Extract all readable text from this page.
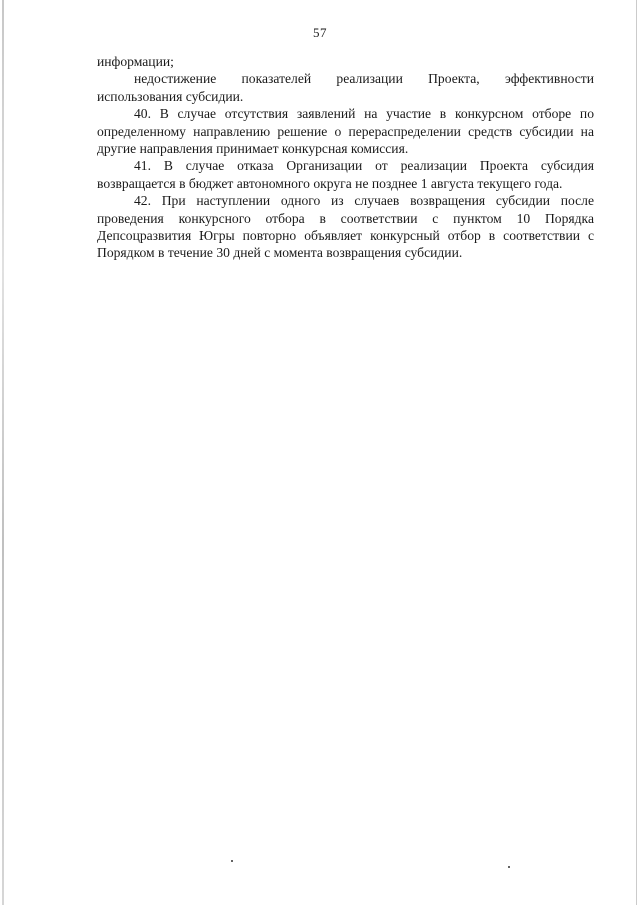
57

информации;

недостижение показателей реализации Проекта, эффективности использования субсидии.

40. В случае отсутствия заявлений на участие в конкурсном отборе по определенному направлению решение о перераспределении средств субсидии на другие направления принимает конкурсная комиссия.

41. В случае отказа Организации от реализации Проекта субсидия возвращается в бюджет автономного округа не позднее 1 августа текущего года.

42. При наступлении одного из случаев возвращения субсидии после проведения конкурсного отбора в соответствии с пунктом 10 Порядка Депсоцразвития Югры повторно объявляет конкурсный отбор в соответствии с Порядком в течение 30 дней с момента возвращения субсидии.
